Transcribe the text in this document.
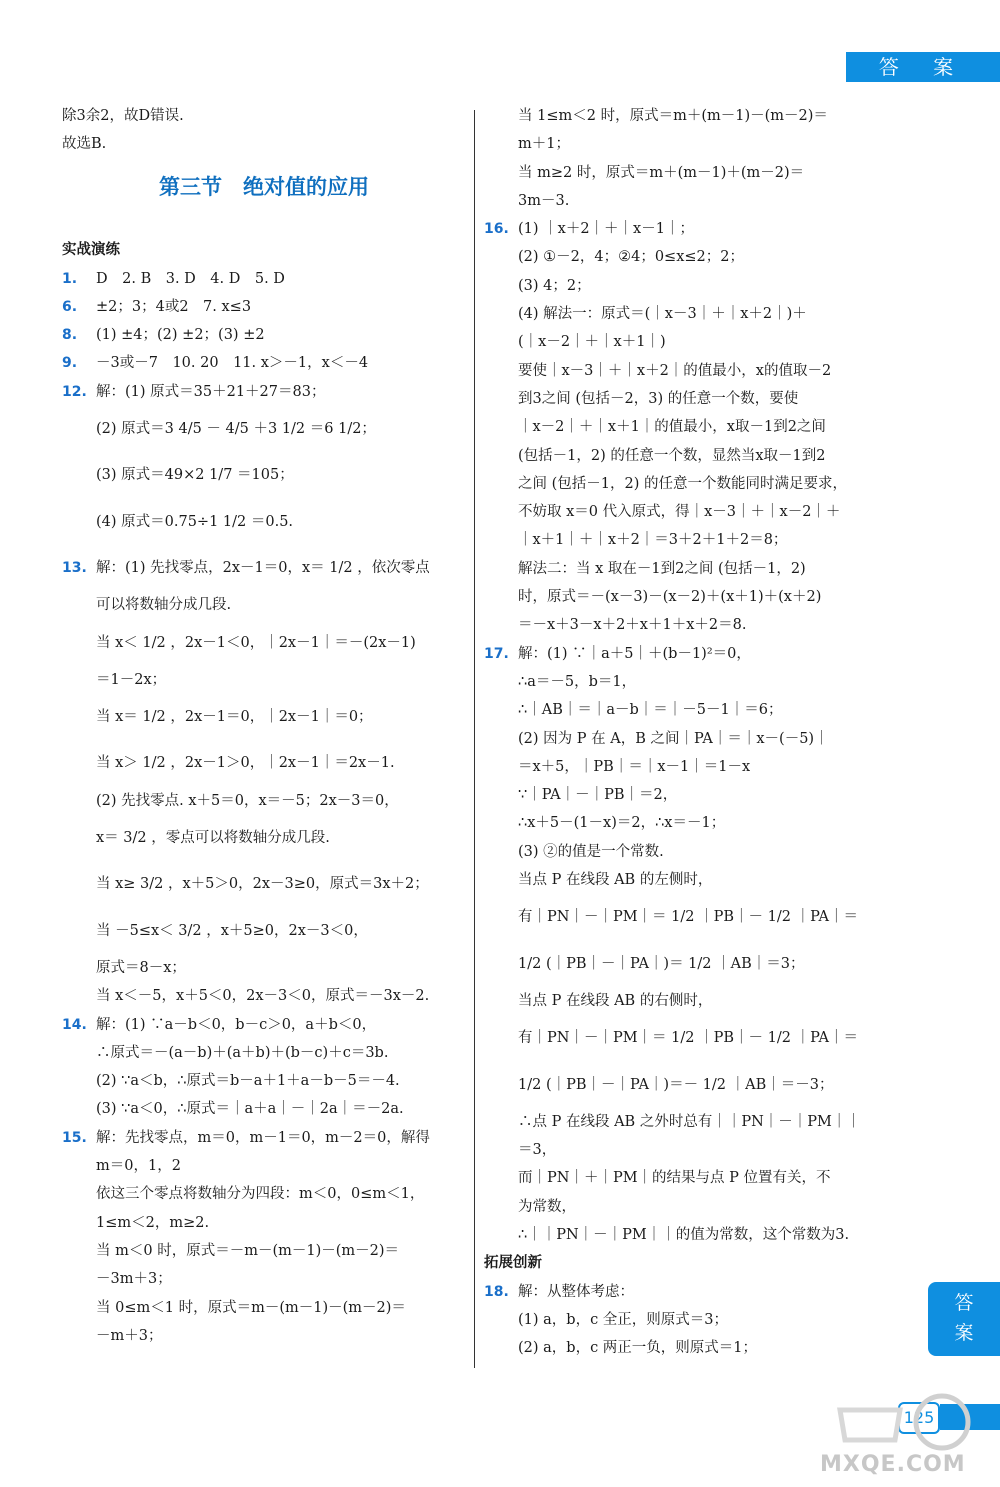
答 案
答
案
除3余2，故D错误.
故选B.
第三节　绝对值的应用
实战演练
1. D　2. B　3. D　4. D　5. D
6. ±2；3；4或2　7. x≤3
8. (1) ±4；(2) ±2；(3) ±2
9. －3或－7　10. 20　11. x＞－1，x＜－4
12. 解：(1) 原式＝35＋21＋27＝83；
(2) 原式＝3 4/5 － 4/5 ＋3 1/2 ＝6 1/2；
(3) 原式＝49×2 1/7 ＝105；
(4) 原式＝0.75÷1 1/2 ＝0.5.
13. 解：(1) 先找零点，2x－1＝0，x＝ 1/2 ，依次零点
可以将数轴分成几段.
当 x＜ 1/2 ，2x－1＜0，｜2x－1｜＝－(2x－1)
＝1－2x；
当 x＝ 1/2 ，2x－1＝0，｜2x－1｜＝0；
当 x＞ 1/2 ，2x－1＞0，｜2x－1｜＝2x－1.
(2) 先找零点. x＋5＝0，x＝－5；2x－3＝0，
x＝ 3/2 ，零点可以将数轴分成几段.
当 x≥ 3/2 ，x＋5＞0，2x－3≥0，原式＝3x＋2；
当 －5≤x＜ 3/2 ，x＋5≥0，2x－3＜0，
原式＝8－x；
当 x＜－5，x＋5＜0，2x－3＜0，原式＝－3x－2.
14. 解：(1) ∵a－b＜0，b－c＞0，a＋b＜0，
∴原式＝－(a－b)＋(a＋b)＋(b－c)＋c＝3b.
(2) ∵a＜b，∴原式＝b－a＋1＋a－b－5＝－4.
(3) ∵a＜0，∴原式＝｜a＋a｜－｜2a｜＝－2a.
15. 解：先找零点，m＝0，m－1＝0，m－2＝0，解得
m＝0，1，2
依这三个零点将数轴分为四段：m＜0，0≤m＜1，
1≤m＜2，m≥2.
当 m＜0 时，原式＝－m－(m－1)－(m－2)＝
－3m＋3；
当 0≤m＜1 时，原式＝m－(m－1)－(m－2)＝
－m＋3；
当 1≤m＜2 时，原式＝m＋(m－1)－(m－2)＝
m＋1；
当 m≥2 时，原式＝m＋(m－1)＋(m－2)＝
3m－3.
16. (1) ｜x＋2｜＋｜x－1｜；
(2) ①－2，4；②4；0≤x≤2；2；
(3) 4；2；
(4) 解法一：原式＝(｜x－3｜＋｜x＋2｜)＋
(｜x－2｜＋｜x＋1｜)
要使｜x－3｜＋｜x＋2｜的值最小，x的值取－2
到3之间 (包括－2，3) 的任意一个数，要使
｜x－2｜＋｜x＋1｜的值最小，x取－1到2之间
(包括－1，2) 的任意一个数，显然当x取－1到2
之间 (包括－1，2) 的任意一个数能同时满足要求，
不妨取 x＝0 代入原式，得｜x－3｜＋｜x－2｜＋
｜x＋1｜＋｜x＋2｜＝3＋2＋1＋2＝8；
解法二：当 x 取在－1到2之间 (包括－1，2)
时，原式＝－(x－3)－(x－2)＋(x＋1)＋(x＋2)
＝－x＋3－x＋2＋x＋1＋x＋2＝8.
17. 解：(1) ∵｜a＋5｜＋(b－1)²＝0，
∴a＝－5，b＝1，
∴｜AB｜＝｜a－b｜＝｜－5－1｜＝6；
(2) 因为 P 在 A，B 之间｜PA｜＝｜x－(－5)｜
＝x＋5，｜PB｜＝｜x－1｜＝1－x
∵｜PA｜－｜PB｜＝2，
∴x＋5－(1－x)＝2，∴x＝－1；
(3) ②的值是一个常数.
当点 P 在线段 AB 的左侧时，
有｜PN｜－｜PM｜＝ 1/2 ｜PB｜－ 1/2 ｜PA｜＝
1/2 (｜PB｜－｜PA｜)＝ 1/2 ｜AB｜＝3；
当点 P 在线段 AB 的右侧时，
有｜PN｜－｜PM｜＝ 1/2 ｜PB｜－ 1/2 ｜PA｜＝
1/2 (｜PB｜－｜PA｜)＝－ 1/2 ｜AB｜＝－3；
∴点 P 在线段 AB 之外时总有｜｜PN｜－｜PM｜｜
＝3，
而｜PN｜＋｜PM｜的结果与点 P 位置有关，不
为常数，
∴｜｜PN｜－｜PM｜｜的值为常数，这个常数为3.
拓展创新
18. 解：从整体考虑：
(1) a，b，c 全正，则原式＝3；
(2) a，b，c 两正一负，则原式＝1；
125
MXQE.COM
